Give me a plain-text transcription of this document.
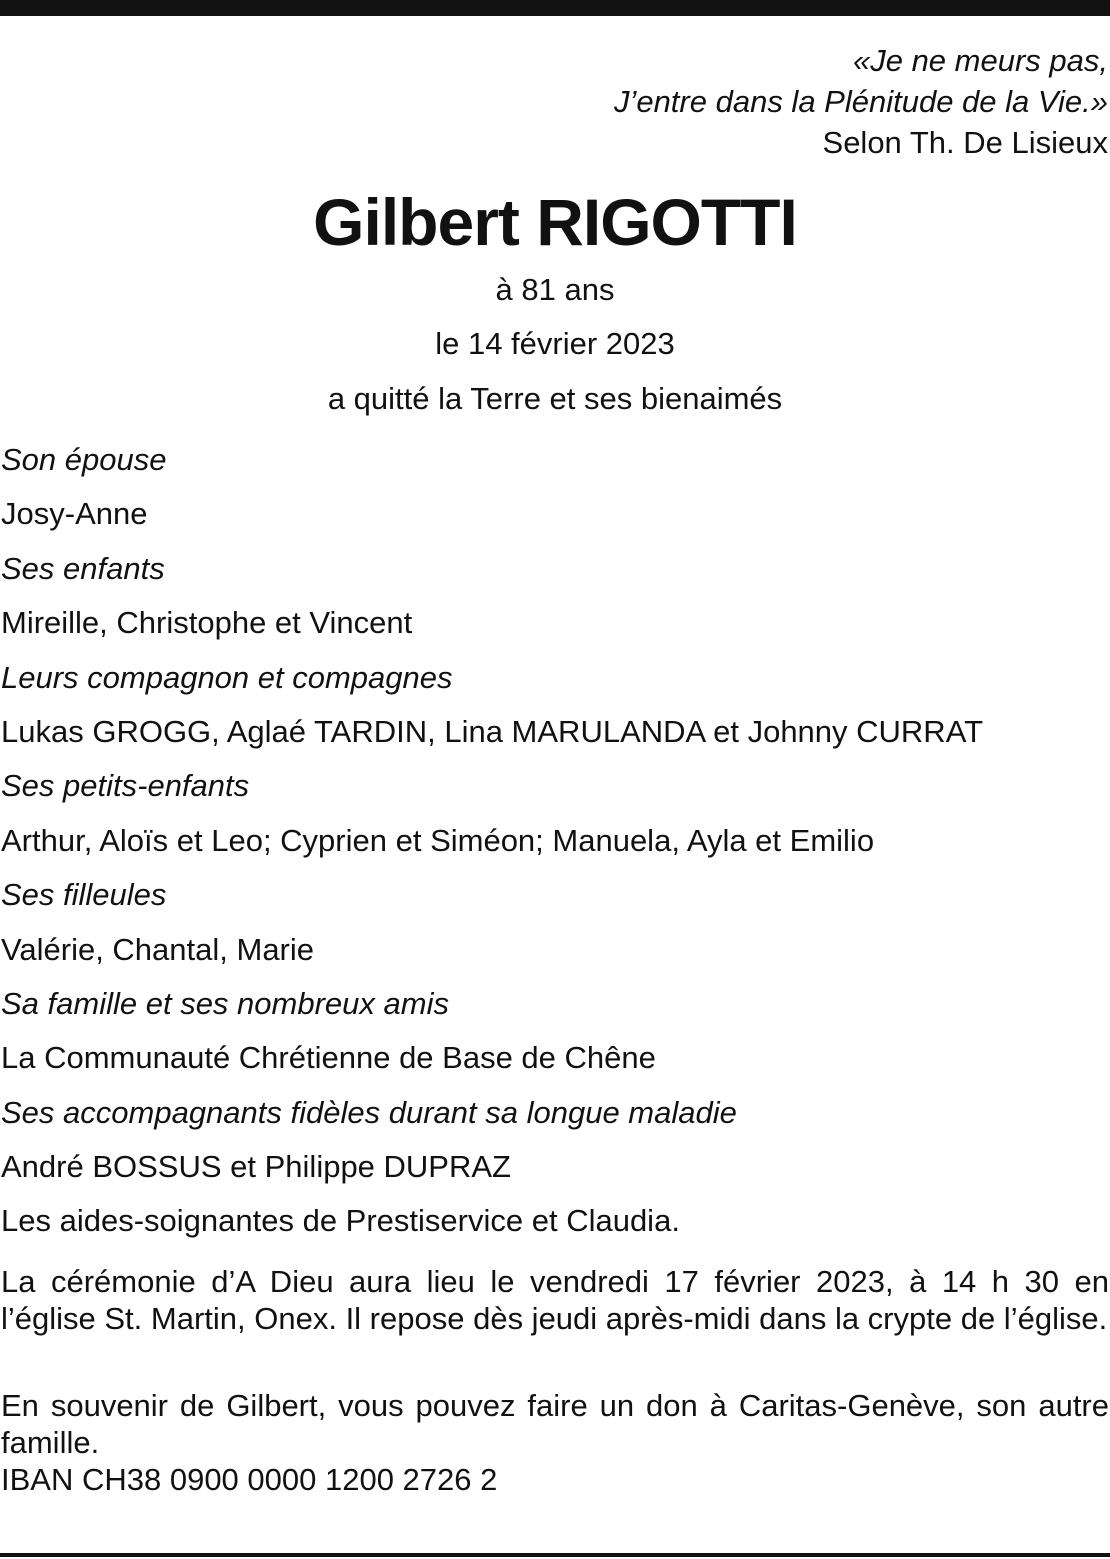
«Je ne meurs pas,
J’entre dans la Plénitude de la Vie.»
Selon Th. De Lisieux
Gilbert RIGOTTI
à 81 ans
le 14 février 2023
a quitté la Terre et ses bienaimés
Son épouse
Josy-Anne
Ses enfants
Mireille, Christophe et Vincent
Leurs compagnon et compagnes
Lukas GROGG, Aglaé TARDIN, Lina MARULANDA et Johnny CURRAT
Ses petits-enfants
Arthur, Aloïs et Leo; Cyprien et Siméon; Manuela, Ayla et Emilio
Ses filleules
Valérie, Chantal, Marie
Sa famille et ses nombreux amis
La Communauté Chrétienne de Base de Chêne
Ses accompagnants fidèles durant sa longue maladie
André BOSSUS et Philippe DUPRAZ
Les aides-soignantes de Prestiservice et Claudia.
La cérémonie d’A Dieu aura lieu le vendredi 17 février 2023, à 14 h 30 en l’église St. Martin, Onex. Il repose dès jeudi après-midi dans la crypte de l’église.
En souvenir de Gilbert, vous pouvez faire un don à Caritas-Genève, son autre famille.
IBAN CH38 0900 0000 1200 2726 2
